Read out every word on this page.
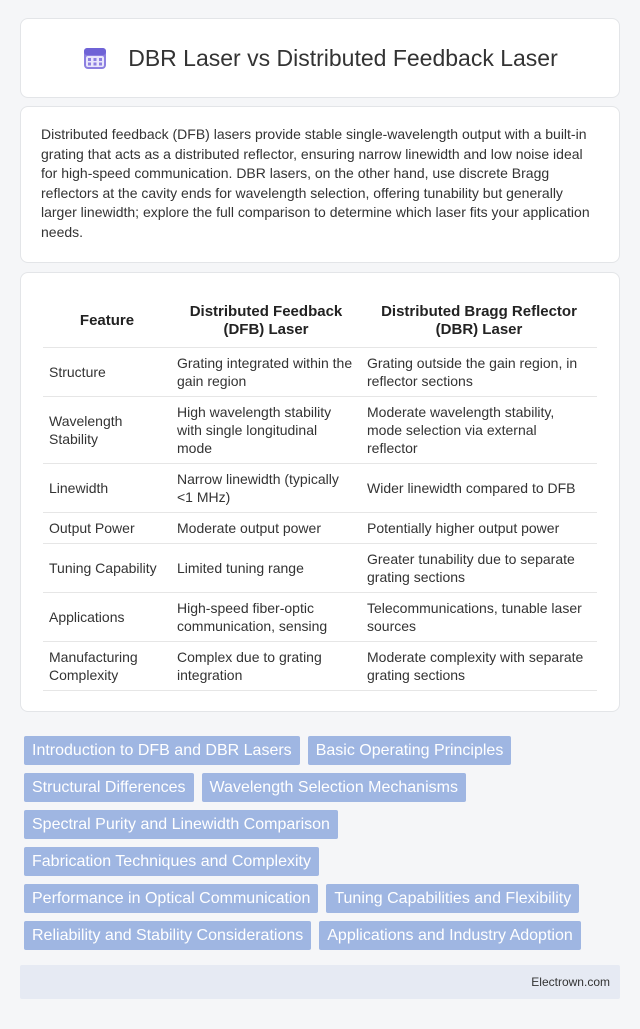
DBR Laser vs Distributed Feedback Laser

Distributed feedback (DFB) lasers provide stable single-wavelength output with a built-in grating that acts as a distributed reflector, ensuring narrow linewidth and low noise ideal for high-speed communication. DBR lasers, on the other hand, use discrete Bragg reflectors at the cavity ends for wavelength selection, offering tunability but generally larger linewidth; explore the full comparison to determine which laser fits your application needs.

Feature	Distributed Feedback (DFB) Laser	Distributed Bragg Reflector (DBR) Laser
Structure	Grating integrated within the gain region	Grating outside the gain region, in reflector sections
Wavelength Stability	High wavelength stability with single longitudinal mode	Moderate wavelength stability, mode selection via external reflector
Linewidth	Narrow linewidth (typically <1 MHz)	Wider linewidth compared to DFB
Output Power	Moderate output power	Potentially higher output power
Tuning Capability	Limited tuning range	Greater tunability due to separate grating sections
Applications	High-speed fiber-optic communication, sensing	Telecommunications, tunable laser sources
Manufacturing Complexity	Complex due to grating integration	Moderate complexity with separate grating sections
Introduction to DFB and DBR Lasers	Basic Operating Principles
Structural Differences	Wavelength Selection Mechanisms
Spectral Purity and Linewidth Comparison
Fabrication Techniques and Complexity
Performance in Optical Communication	Tuning Capabilities and Flexibility
Reliability and Stability Considerations	Applications and Industry Adoption
Electrown.com
